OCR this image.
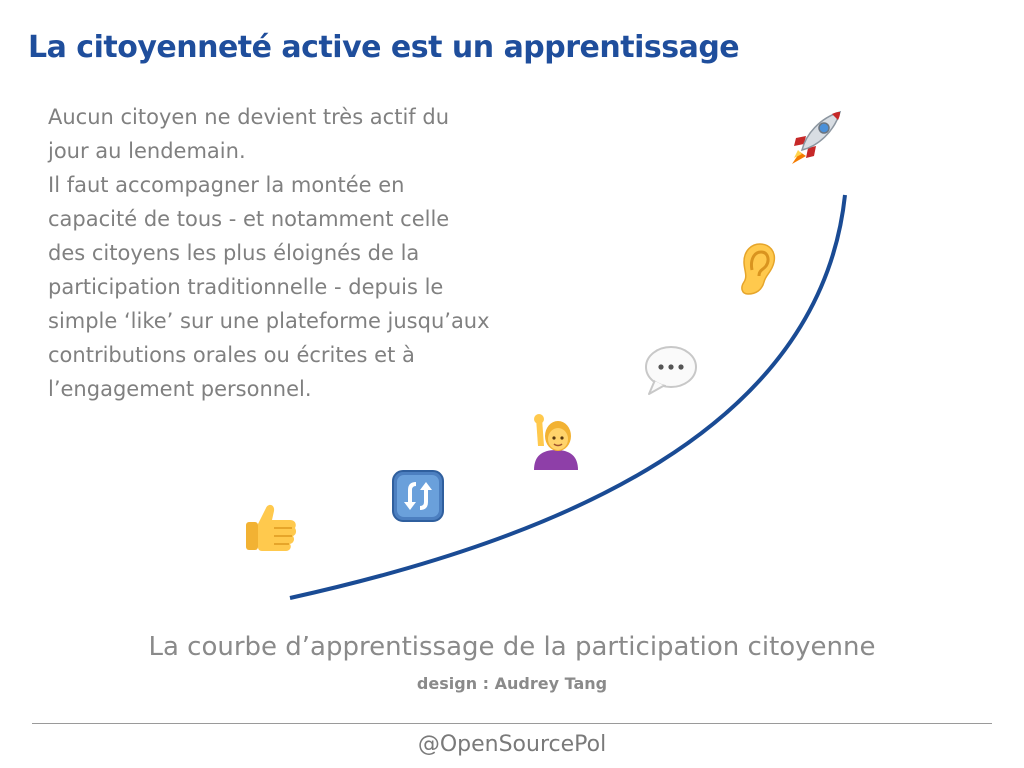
La citoyenneté active est un apprentissage

Aucun citoyen ne devient très actif du jour au lendemain.

Il faut accompagner la montée en capacité de tous - et notamment celle des citoyens les plus éloignés de la participation traditionnelle - depuis le simple ‘like’ sur une plateforme jusqu’aux contributions orales ou écrites et à l’engagement personnel.

La courbe d’apprentissage de la participation citoyenne
design : Audrey Tang
@OpenSourcePol
